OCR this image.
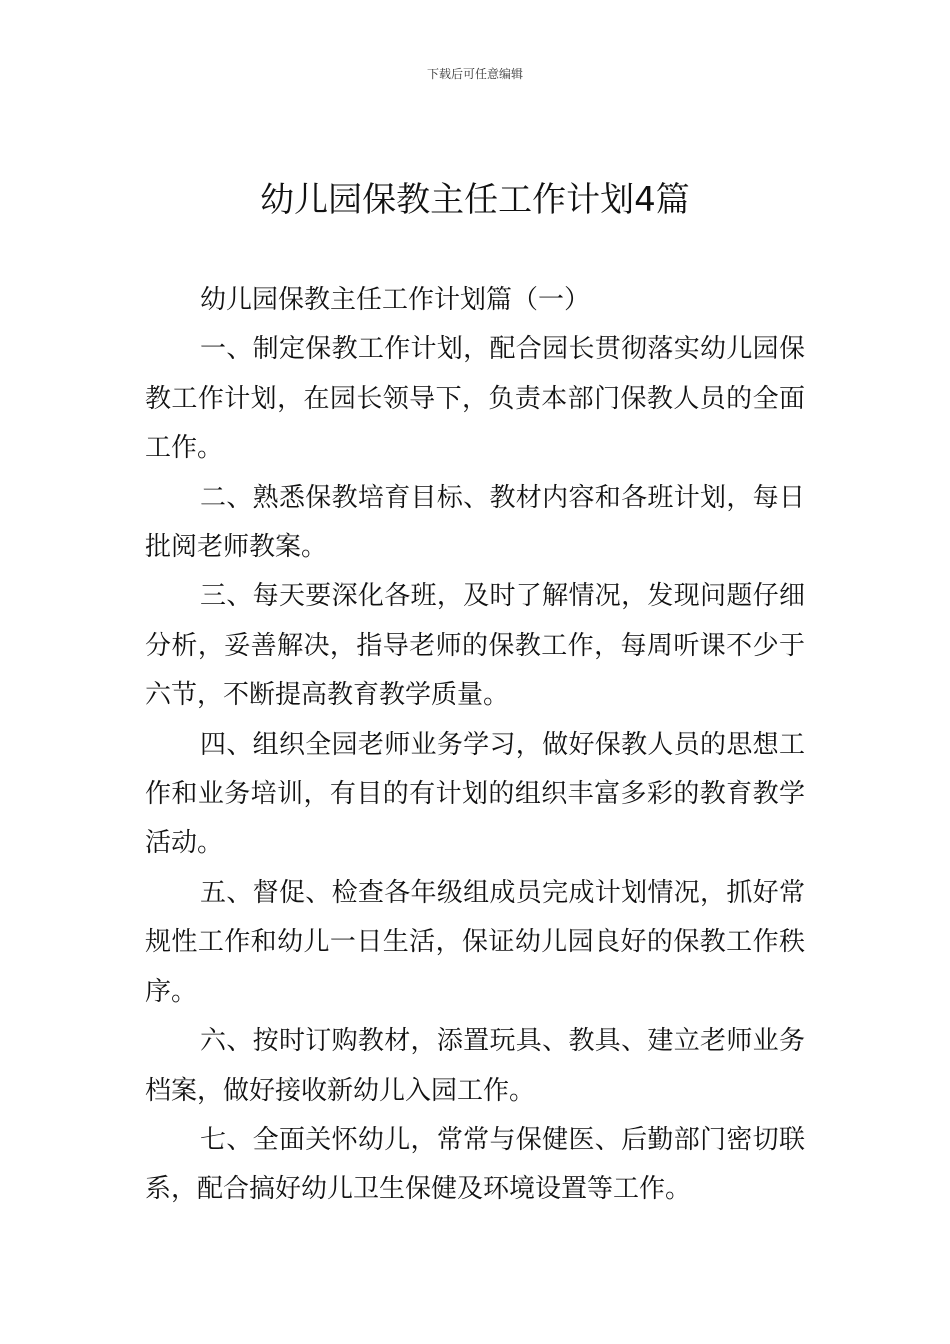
下载后可任意编辑
幼儿园保教主任工作计划4篇

幼儿园保教主任工作计划篇（一）

一、制定保教工作计划，配合园长贯彻落实幼儿园保教工作计划，在园长领导下，负责本部门保教人员的全面工作。

二、熟悉保教培育目标、教材内容和各班计划，每日批阅老师教案。

三、每天要深化各班，及时了解情况，发现问题仔细分析，妥善解决，指导老师的保教工作，每周听课不少于六节，不断提高教育教学质量。

四、组织全园老师业务学习，做好保教人员的思想工作和业务培训，有目的有计划的组织丰富多彩的教育教学活动。

五、督促、检查各年级组成员完成计划情况，抓好常规性工作和幼儿一日生活，保证幼儿园良好的保教工作秩序。

六、按时订购教材，添置玩具、教具、建立老师业务档案，做好接收新幼儿入园工作。

七、全面关怀幼儿，常常与保健医、后勤部门密切联系，配合搞好幼儿卫生保健及环境设置等工作。
